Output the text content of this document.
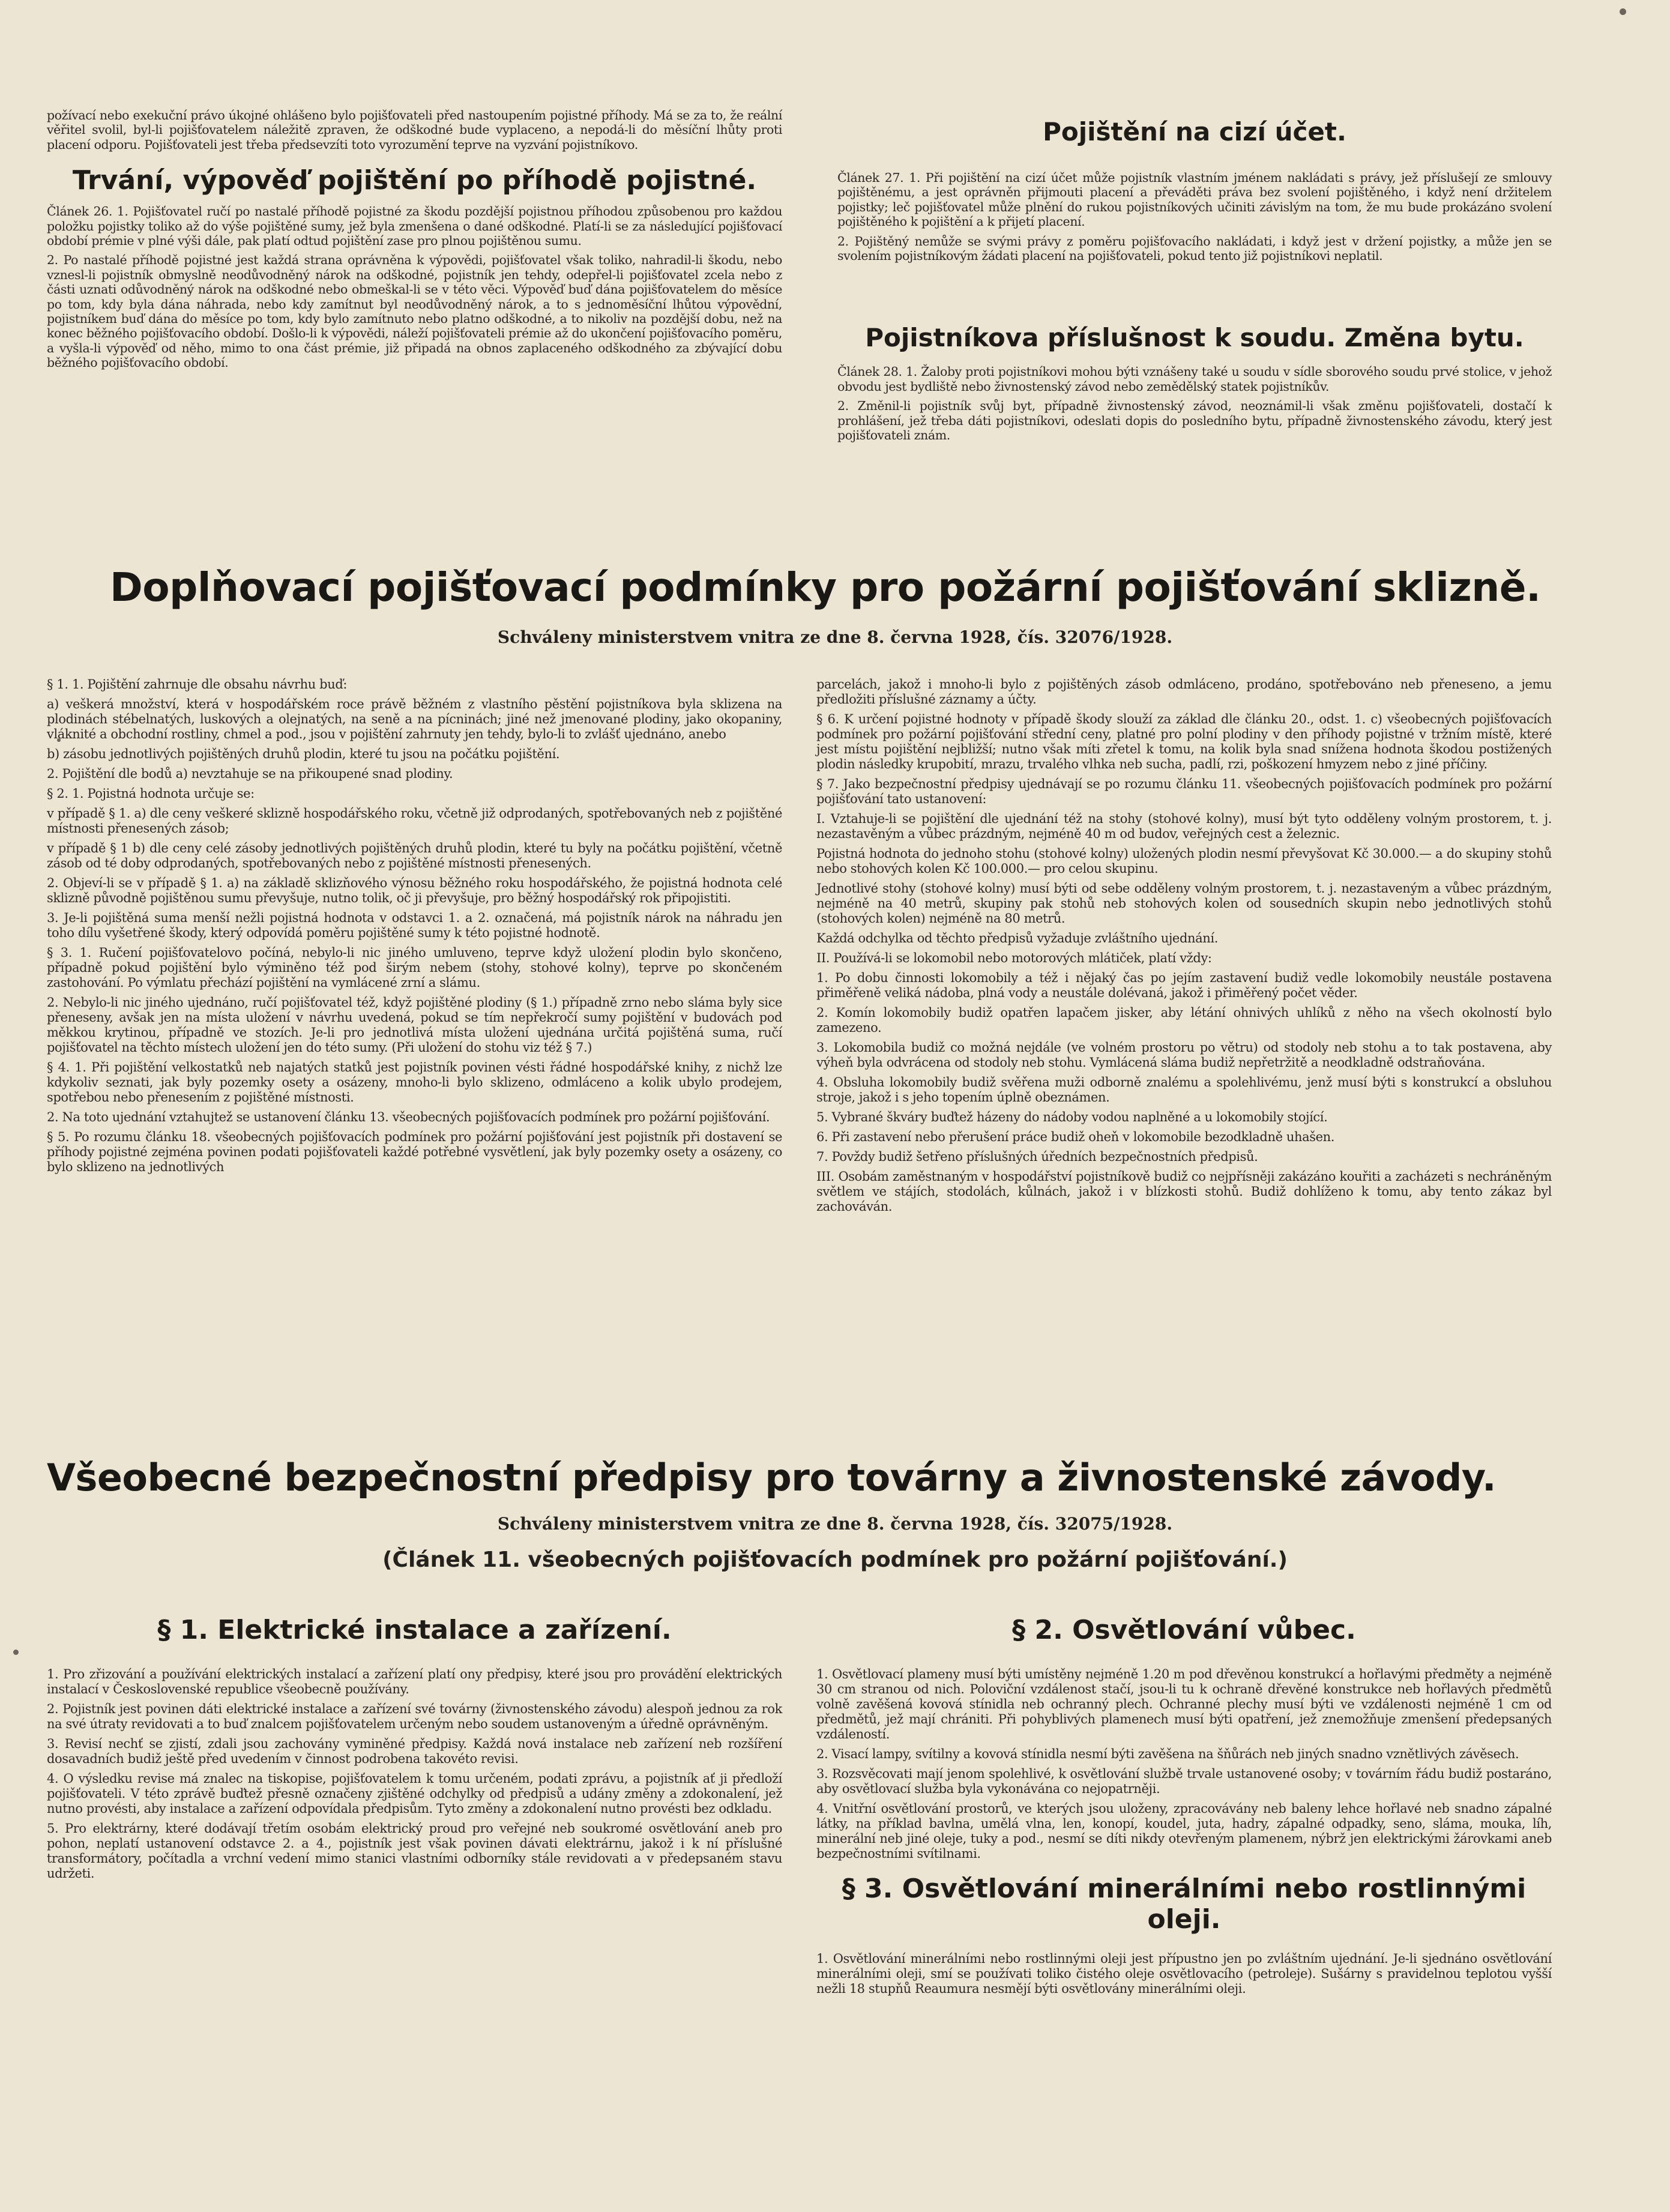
požívací nebo exekuční právo úkojné ohlášeno bylo pojišťovateli před nastoupením pojistné příhody. Má se za to, že reální věřitel svolil, byl-li pojišťovatelem náležitě zpraven, že odškodné bude vyplaceno, a nepodá-li do měsíční lhůty proti placení odporu. Pojišťovateli jest třeba předsevzíti toto vyrozumění teprve na vyzvání pojistníkovo.

Trvání, výpověď pojištění po příhodě pojistné.

Článek 26. 1. Pojišťovatel ručí po nastalé příhodě pojistné za škodu pozdější pojistnou příhodou způsobenou pro každou položku pojistky toliko až do výše pojištěné sumy, jež byla zmenšena o dané odškodné. Platí-li se za následující pojišťovací období prémie v plné výši dále, pak platí odtud pojištění zase pro plnou pojištěnou sumu.

2. Po nastalé příhodě pojistné jest každá strana oprávněna k výpovědi, pojišťovatel však toliko, nahradil-li škodu, nebo vznesl-li pojistník obmyslně neodůvodněný nárok na odškodné, pojistník jen tehdy, odepřel-li pojišťovatel zcela nebo z části uznati odůvodněný nárok na odškodné nebo obmeškal-li se v této věci. Výpověď buď dána pojišťovatelem do měsíce po tom, kdy byla dána náhrada, nebo kdy zamítnut byl neodůvodněný nárok, a to s jednoměsíční lhůtou výpovědní, pojistníkem buď dána do měsíce po tom, kdy bylo zamítnuto nebo platno odškodné, a to nikoliv na pozdější dobu, než na konec běžného pojišťovacího období. Došlo-li k výpovědi, náleží pojišťovateli prémie až do ukončení pojišťovacího poměru, a vyšla-li výpověď od něho, mimo to ona část prémie, již připadá na obnos zaplaceného odškodného za zbývající dobu běžného pojišťovacího období.

Pojištění na cizí účet.

Článek 27. 1. Při pojištění na cizí účet může pojistník vlastním jménem nakládati s právy, jež příslušejí ze smlouvy pojištěnému, a jest oprávněn přijmouti placení a převáděti práva bez svolení pojištěného, i když není držitelem pojistky; leč pojišťovatel může plnění do rukou pojistníkových učiniti závislým na tom, že mu bude prokázáno svolení pojištěného k pojištění a k přijetí placení.

2. Pojištěný nemůže se svými právy z poměru pojišťovacího nakládati, i když jest v držení pojistky, a může jen se svolením pojistníkovým žádati placení na pojišťovateli, pokud tento již pojistníkovi neplatil.

Pojistníkova příslušnost k soudu. Změna bytu.

Článek 28. 1. Žaloby proti pojistníkovi mohou býti vznášeny také u soudu v sídle sborového soudu prvé stolice, v jehož obvodu jest bydliště nebo živnostenský závod nebo zemědělský statek pojistníkův.

2. Změnil-li pojistník svůj byt, případně živnostenský závod, neoznámil-li však změnu pojišťovateli, dostačí k prohlášení, jež třeba dáti pojistníkovi, odeslati dopis do posledního bytu, případně živnostenského závodu, který jest pojišťovateli znám.

Doplňovací pojišťovací podmínky pro požární pojišťování sklizně.
Schváleny ministerstvem vnitra ze dne 8. června 1928, čís. 32076/1928.

§ 1. 1. Pojištění zahrnuje dle obsahu návrhu buď:

a) veškerá množství, která v hospodářském roce právě běžném z vlastního pěstění pojistníkova byla sklizena na plodinách stébelnatých, luskových a olejnatých, na seně a na pícninách; jiné než jmenované plodiny, jako okopaniny, vláknité a obchodní rostliny, chmel a pod., jsou v pojištění zahrnuty jen tehdy, bylo-li to zvlášť ujednáno, anebo

b) zásobu jednotlivých pojištěných druhů plodin, které tu jsou na počátku pojištění.

2. Pojištění dle bodů a) nevztahuje se na přikoupené snad plodiny.

§ 2. 1. Pojistná hodnota určuje se:

v případě § 1. a) dle ceny veškeré sklizně hospodářského roku, včetně již odprodaných, spotřebovaných neb z pojištěné místnosti přenesených zásob;

v případě § 1 b) dle ceny celé zásoby jednotlivých pojištěných druhů plodin, které tu byly na počátku pojištění, včetně zásob od té doby odprodaných, spotřebovaných nebo z pojištěné místnosti přenesených.

2. Objeví-li se v případě § 1. a) na základě sklizňového výnosu běžného roku hospodářského, že pojistná hodnota celé sklizně původně pojištěnou sumu převyšuje, nutno tolik, oč ji převyšuje, pro běžný hospodářský rok připojistiti.

3. Je-li pojištěná suma menší nežli pojistná hodnota v odstavci 1. a 2. označená, má pojistník nárok na náhradu jen toho dílu vyšetřené škody, který odpovídá poměru pojištěné sumy k této pojistné hodnotě.

§ 3. 1. Ručení pojišťovatelovo počíná, nebylo-li nic jiného umluveno, teprve když uložení plodin bylo skončeno, případně pokud pojištění bylo výminěno též pod širým nebem (stohy, stohové kolny), teprve po skončeném zastohování. Po výmlatu přechází pojištění na vymlácené zrní a slámu.

2. Nebylo-li nic jiného ujednáno, ručí pojišťovatel též, když pojištěné plodiny (§ 1.) případně zrno nebo sláma byly sice přeneseny, avšak jen na místa uložení v návrhu uvedená, pokud se tím nepřekročí sumy pojištění v budovách pod měkkou krytinou, případně ve stozích. Je-li pro jednotlivá místa uložení ujednána určitá pojištěná suma, ručí pojišťovatel na těchto místech uložení jen do této sumy. (Při uložení do stohu viz též § 7.)

§ 4. 1. Při pojištění velkostatků neb najatých statků jest pojistník povinen vésti řádné hospodářské knihy, z nichž lze kdykoliv seznati, jak byly pozemky osety a osázeny, mnoho-li bylo sklizeno, odmláceno a kolik ubylo prodejem, spotřebou nebo přenesením z pojištěné místnosti.

2. Na toto ujednání vztahujtež se ustanovení článku 13. všeobecných pojišťovacích podmínek pro požární pojišťování.

§ 5. Po rozumu článku 18. všeobecných pojišťovacích podmínek pro požární pojišťování jest pojistník při dostavení se příhody pojistné zejména povinen podati pojišťovateli každé potřebné vysvětlení, jak byly pozemky osety a osázeny, co bylo sklizeno na jednotlivých

parcelách, jakož i mnoho-li bylo z pojištěných zásob odmláceno, prodáno, spotřebováno neb přeneseno, a jemu předložiti příslušné záznamy a účty.

§ 6. K určení pojistné hodnoty v případě škody slouží za základ dle článku 20., odst. 1. c) všeobecných pojišťovacích podmínek pro požární pojišťování střední ceny, platné pro polní plodiny v den příhody pojistné v tržním místě, které jest místu pojištění nejbližší; nutno však míti zřetel k tomu, na kolik byla snad snížena hodnota škodou postižených plodin následky krupobití, mrazu, trvalého vlhka neb sucha, padlí, rzi, poškození hmyzem nebo z jiné příčiny.

§ 7. Jako bezpečnostní předpisy ujednávají se po rozumu článku 11. všeobecných pojišťovacích podmínek pro požární pojišťování tato ustanovení:

I. Vztahuje-li se pojištění dle ujednání též na stohy (stohové kolny), musí být tyto odděleny volným prostorem, t. j. nezastavěným a vůbec prázdným, nejméně 40 m od budov, veřejných cest a železnic.

Pojistná hodnota do jednoho stohu (stohové kolny) uložených plodin nesmí převyšovat Kč 30.000.— a do skupiny stohů nebo stohových kolen Kč 100.000.— pro celou skupinu.

Jednotlivé stohy (stohové kolny) musí býti od sebe odděleny volným prostorem, t. j. nezastaveným a vůbec prázdným, nejméně na 40 metrů, skupiny pak stohů neb stohových kolen od sousedních skupin nebo jednotlivých stohů (stohových kolen) nejméně na 80 metrů.

Každá odchylka od těchto předpisů vyžaduje zvláštního ujednání.

II. Používá-li se lokomobil nebo motorových mlátiček, platí vždy:

1. Po dobu činnosti lokomobily a též i nějaký čas po jejím zastavení budiž vedle lokomobily neustále postavena přiměřeně veliká nádoba, plná vody a neustále dolévaná, jakož i přiměřený počet věder.

2. Komín lokomobily budiž opatřen lapačem jisker, aby létání ohnivých uhlíků z něho na všech okolností bylo zamezeno.

3. Lokomobila budiž co možná nejdále (ve volném prostoru po větru) od stodoly neb stohu a to tak postavena, aby výheň byla odvrácena od stodoly neb stohu. Vymlácená sláma budiž nepřetržitě a neodkladně odstraňována.

4. Obsluha lokomobily budiž svěřena muži odborně znalému a spolehlivému, jenž musí býti s konstrukcí a obsluhou stroje, jakož i s jeho topením úplně obeznámen.

5. Vybrané škváry buďtež házeny do nádoby vodou naplněné a u lokomobily stojící.

6. Při zastavení nebo přerušení práce budiž oheň v lokomobile bezodkladně uhašen.

7. Povždy budiž šetřeno příslušných úředních bezpečnostních předpisů.

III. Osobám zaměstnaným v hospodářství pojistníkově budiž co nejpřísněji zakázáno kouřiti a zacházeti s nechráněným světlem ve stájích, stodolách, kůlnách, jakož i v blízkosti stohů. Budiž dohlíženo k tomu, aby tento zákaz byl zachováván.

Všeobecné bezpečnostní předpisy pro továrny a živnostenské závody.
Schváleny ministerstvem vnitra ze dne 8. června 1928, čís. 32075/1928.
(Článek 11. všeobecných pojišťovacích podmínek pro požární pojišťování.)
§ 1. Elektrické instalace a zařízení.

1. Pro zřizování a používání elektrických instalací a zařízení platí ony předpisy, které jsou pro provádění elektrických instalací v Československé republice všeobecně používány.

2. Pojistník jest povinen dáti elektrické instalace a zařízení své továrny (živnostenského závodu) alespoň jednou za rok na své útraty revidovati a to buď znalcem pojišťovatelem určeným nebo soudem ustanoveným a úředně oprávněným.

3. Revisí nechť se zjistí, zdali jsou zachovány vyminěné předpisy. Každá nová instalace neb zařízení neb rozšíření dosavadních budiž ještě před uvedením v činnost podrobena takovéto revisi.

4. O výsledku revise má znalec na tiskopise, pojišťovatelem k tomu určeném, podati zprávu, a pojistník ať ji předloží pojišťovateli. V této zprávě buďtež přesně označeny zjištěné odchylky od předpisů a udány změny a zdokonalení, jež nutno provésti, aby instalace a zařízení odpovídala předpisům. Tyto změny a zdokonalení nutno provésti bez odkladu.

5. Pro elektrárny, které dodávají třetím osobám elektrický proud pro veřejné neb soukromé osvětlování aneb pro pohon, neplatí ustanovení odstavce 2. a 4., pojistník jest však povinen dávati elektrárnu, jakož i k ní příslušné transformátory, počítadla a vrchní vedení mimo stanici vlastními odborníky stále revidovati a v předepsaném stavu udržeti.

§ 2. Osvětlování vůbec.

1. Osvětlovací plameny musí býti umístěny nejméně 1.20 m pod dřevěnou konstrukcí a hořlavými předměty a nejméně 30 cm stranou od nich. Poloviční vzdálenost stačí, jsou-li tu k ochraně dřevěné konstrukce neb hořlavých předmětů volně zavěšená kovová stínidla neb ochranný plech. Ochranné plechy musí býti ve vzdálenosti nejméně 1 cm od předmětů, jež mají chrániti. Při pohyblivých plamenech musí býti opatření, jež znemožňuje zmenšení předepsaných vzdáleností.

2. Visací lampy, svítilny a kovová stínidla nesmí býti zavěšena na šňůrách neb jiných snadno vznětlivých závěsech.

3. Rozsvěcovati mají jenom spolehlivé, k osvětlování službě trvale ustanovené osoby; v továrním řádu budiž postaráno, aby osvětlovací služba byla vykonávána co nejopatrněji.

4. Vnitřní osvětlování prostorů, ve kterých jsou uloženy, zpracovávány neb baleny lehce hořlavé neb snadno zápalné látky, na příklad bavlna, umělá vlna, len, konopí, koudel, juta, hadry, zápalné odpadky, seno, sláma, mouka, líh, minerální neb jiné oleje, tuky a pod., nesmí se díti nikdy otevřeným plamenem, nýbrž jen elektrickými žárovkami aneb bezpečnostními svítilnami.

§ 3. Osvětlování minerálními nebo rostlinnými oleji.

1. Osvětlování minerálními nebo rostlinnými oleji jest přípustno jen po zvláštním ujednání. Je-li sjednáno osvětlování minerálními oleji, smí se používati toliko čistého oleje osvětlovacího (petroleje). Sušárny s pravidelnou teplotou vyšší nežli 18 stupňů Reaumura nesmějí býti osvětlovány minerálními oleji.
